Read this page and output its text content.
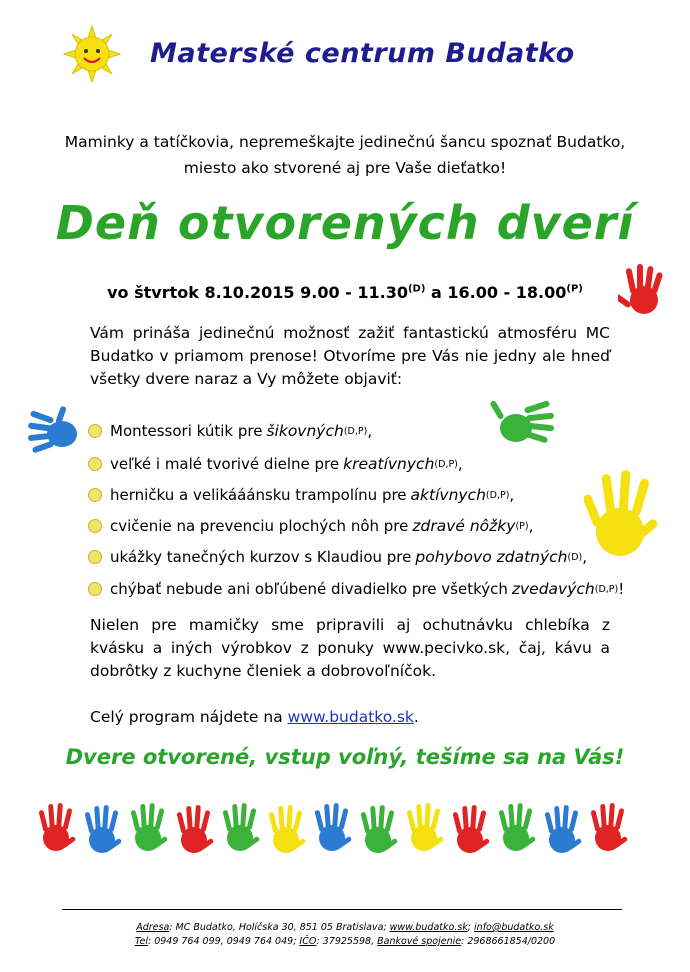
Materské centrum Budatko
Maminky a tatíčkovia, nepremeškajte jedinečnú šancu spoznať Budatko,
miesto ako stvorené aj pre Vaše dieťatko!
Deň otvorených dverí
vo štvrtok 8.10.2015 $9.00 - 11.30^{(D)}$ a $16.00 - 18.00^{(P)}$
Vám prináša jedinečnú možnosť zažiť fantastickú atmosféru MC Budatko v priamom prenose! Otvoríme pre Vás nie jedny ale hneď všetky dvere naraz a Vy môžete objaviť:
Montessori kútik pre šikovných (D,P) ,
veľké i malé tvorivé dielne pre kreatívnych (D,P) ,
herničku a velikááánsku trampolínu pre aktívnych (D,P) ,
cvičenie na prevenciu plochých nôh pre zdravé nôžky (P) ,
ukážky tanečných kurzov s Klaudiou pre pohybovo zdatných (D) ,
chýbať nebude ani obľúbené divadielko pre všetkých zvedavých (D,P) !
Nielen pre mamičky sme pripravili aj ochutnávku chlebíka z kvásku a iných výrobkov z ponuky www.pecivko.sk, čaj, kávu a dobrôtky z kuchyne členiek a dobrovoľníčok.
Celý program nájdete na www.budatko.sk.
Dvere otvorené, vstup voľný, tešíme sa na Vás!
Adresa: MC Budatko, Holíčska 30, 851 05 Bratislava; www.budatko.sk; info@budatko.sk
Tel: 0949 764 099, 0949 764 049; IČO: 37925598, Bankové spojenie: 2968661854/0200
